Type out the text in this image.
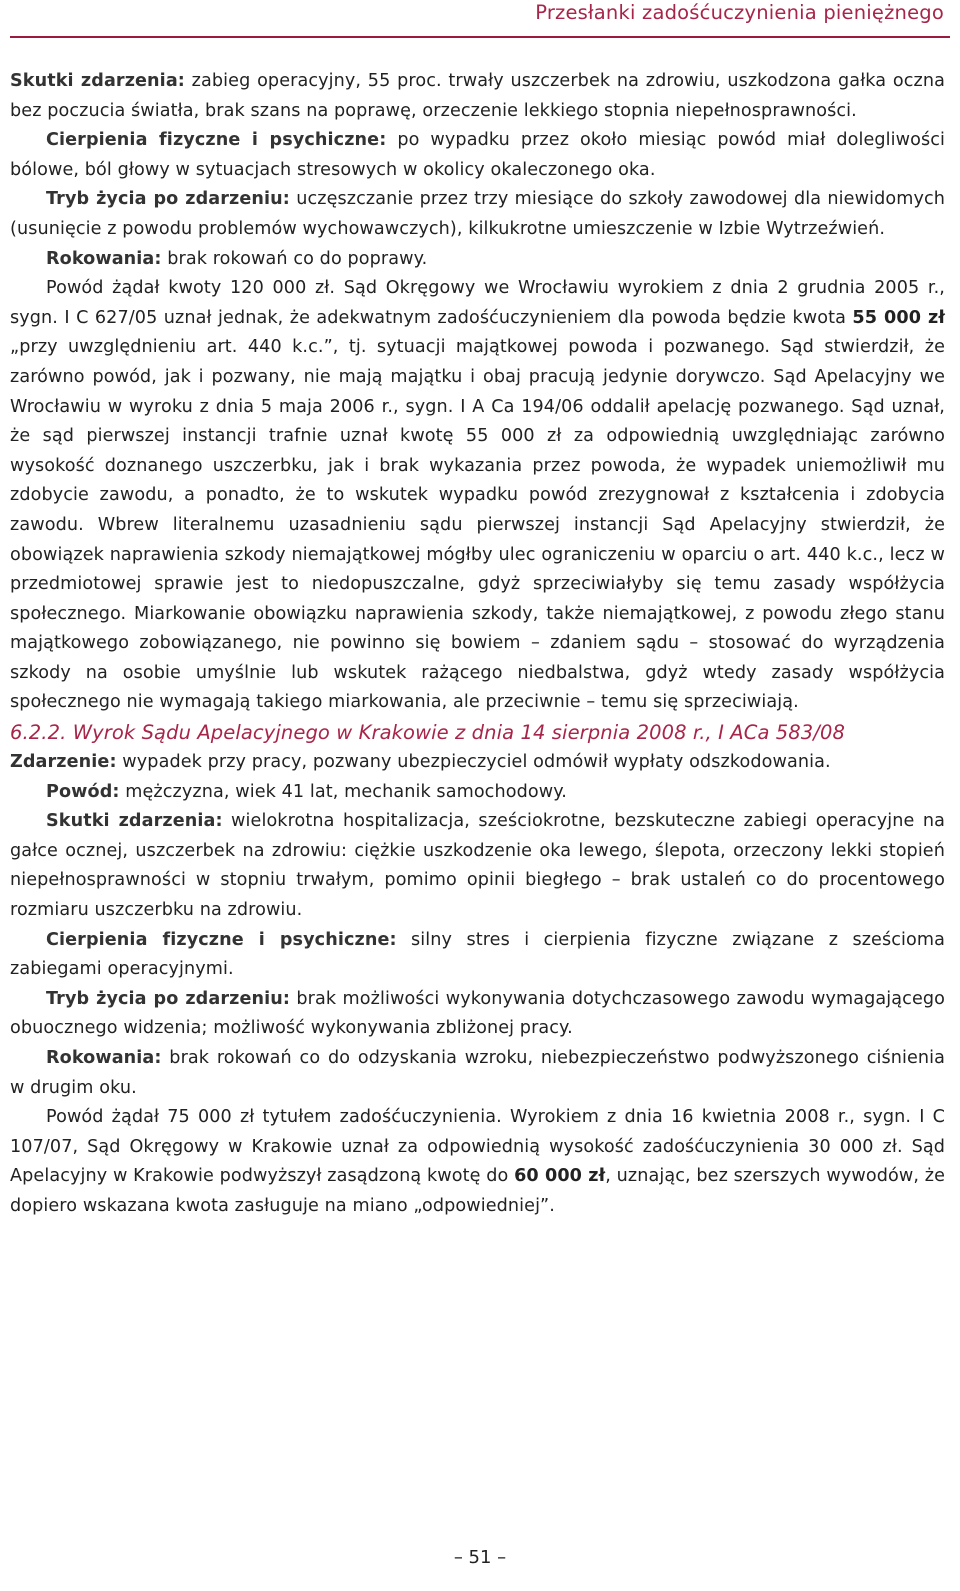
Przesłanki zadośćuczynienia pieniężnego

Skutki zdarzenia: zabieg operacyjny, 55 proc. trwały uszczerbek na zdrowiu, uszkodzona gałka oczna bez poczucia światła, brak szans na poprawę, orzeczenie lekkiego stopnia niepełnosprawności.

Cierpienia fizyczne i psychiczne: po wypadku przez około miesiąc powód miał dolegliwości bólowe, ból głowy w sytuacjach stresowych w okolicy okaleczonego oka.

Tryb życia po zdarzeniu: uczęszczanie przez trzy miesiące do szkoły zawodowej dla niewidomych (usunięcie z powodu problemów wychowawczych), kilkukrotne umieszczenie w Izbie Wytrzeźwień.

Rokowania: brak rokowań co do poprawy.

Powód żądał kwoty 120 000 zł. Sąd Okręgowy we Wrocławiu wyrokiem z dnia 2 grudnia 2005 r., sygn. I C 627/05 uznał jednak, że adekwatnym zadośćuczynieniem dla powoda będzie kwota 55 000 zł „przy uwzględnieniu art. 440 k.c.”, tj. sytuacji majątkowej powoda i pozwanego. Sąd stwierdził, że zarówno powód, jak i pozwany, nie mają majątku i obaj pracują jedynie dorywczo. Sąd Apelacyjny we Wrocławiu w wyroku z dnia 5 maja 2006 r., sygn. I A Ca 194/06 oddalił apelację pozwanego. Sąd uznał, że sąd pierwszej instancji trafnie uznał kwotę 55 000 zł za odpowiednią uwzględniając zarówno wysokość doznanego uszczerbku, jak i brak wykazania przez powoda, że wypadek uniemożliwił mu zdobycie zawodu, a ponadto, że to wskutek wypadku powód zrezygnował z kształcenia i zdobycia zawodu. Wbrew literalnemu uzasadnieniu sądu pierwszej instancji Sąd Apelacyjny stwierdził, że obowiązek naprawienia szkody niemajątkowej mógłby ulec ograniczeniu w oparciu o art. 440 k.c., lecz w przedmiotowej sprawie jest to niedopuszczalne, gdyż sprzeciwiałyby się temu zasady współżycia społecznego. Miarkowanie obowiązku naprawienia szkody, także niemajątkowej, z powodu złego stanu majątkowego zobowiązanego, nie powinno się bowiem – zdaniem sądu – stosować do wyrządzenia szkody na osobie umyślnie lub wskutek rażącego niedbalstwa, gdyż wtedy zasady współżycia społecznego nie wymagają takiego miarkowania, ale przeciwnie – temu się sprzeciwiają.

6.2.2. Wyrok Sądu Apelacyjnego w Krakowie z dnia 14 sierpnia 2008 r., I ACa 583/08

Zdarzenie: wypadek przy pracy, pozwany ubezpieczyciel odmówił wypłaty odszkodowania.

Powód: mężczyzna, wiek 41 lat, mechanik samochodowy.

Skutki zdarzenia: wielokrotna hospitalizacja, sześciokrotne, bezskuteczne zabiegi operacyjne na gałce ocznej, uszczerbek na zdrowiu: ciężkie uszkodzenie oka lewego, ślepota, orzeczony lekki stopień niepełnosprawności w stopniu trwałym, pomimo opinii biegłego – brak ustaleń co do procentowego rozmiaru uszczerbku na zdrowiu.

Cierpienia fizyczne i psychiczne: silny stres i cierpienia fizyczne związane z sześcioma zabiegami operacyjnymi.

Tryb życia po zdarzeniu: brak możliwości wykonywania dotychczasowego zawodu wymagającego obuocznego widzenia; możliwość wykonywania zbliżonej pracy.

Rokowania: brak rokowań co do odzyskania wzroku, niebezpieczeństwo podwyższonego ciśnienia w drugim oku.

Powód żądał 75 000 zł tytułem zadośćuczynienia. Wyrokiem z dnia 16 kwietnia 2008 r., sygn. I C 107/07, Sąd Okręgowy w Krakowie uznał za odpowiednią wysokość zadośćuczynienia 30 000 zł. Sąd Apelacyjny w Krakowie podwyższył zasądzoną kwotę do 60 000 zł, uznając, bez szerszych wywodów, że dopiero wskazana kwota zasługuje na miano „odpowiedniej”.

– 51 –
